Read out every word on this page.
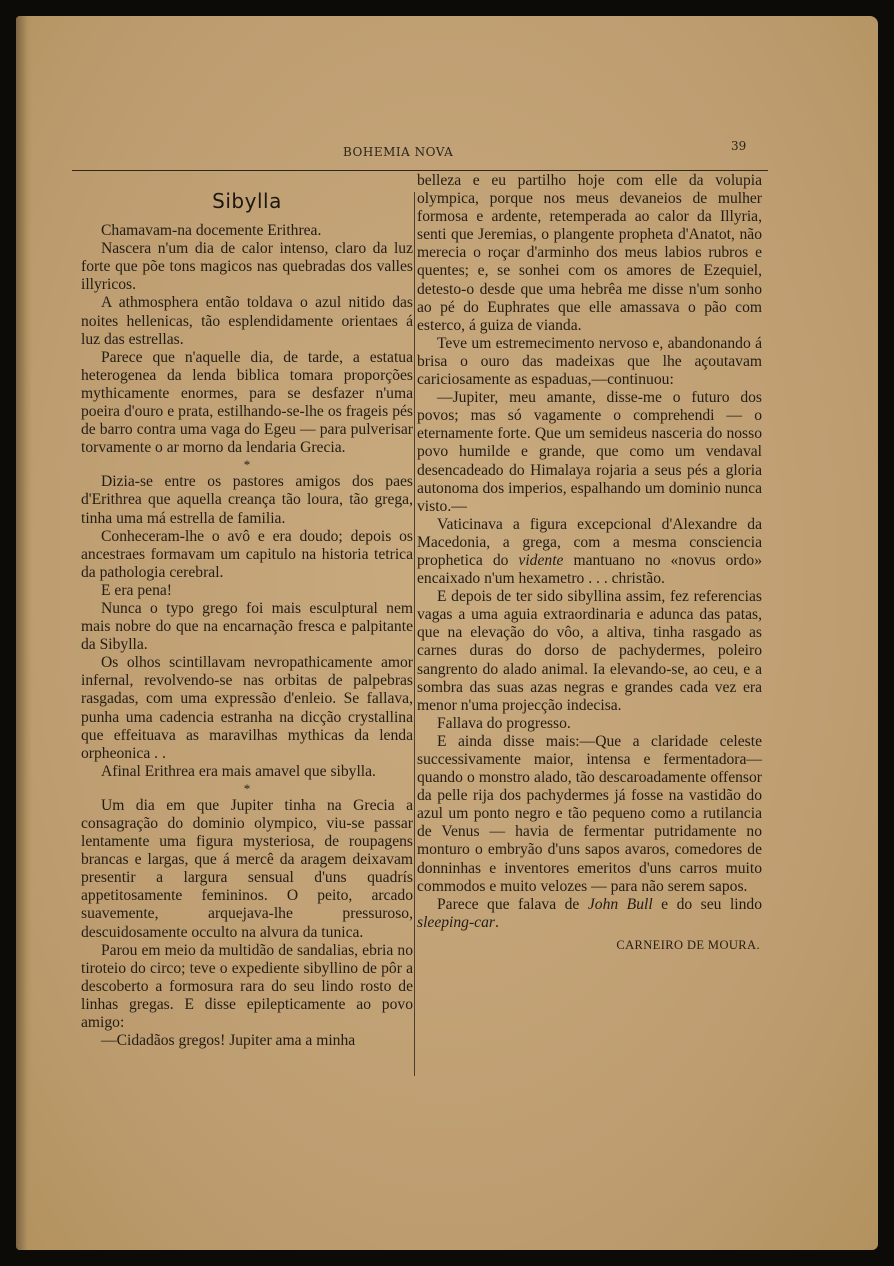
BOHEMIA NOVA	39
Sibylla

Chamavam-na docemente Erithrea.

Nascera n'um dia de calor intenso, claro da luz forte que põe tons magicos nas quebradas dos valles illyricos.

A athmosphera então toldava o azul nitido das noites hellenicas, tão esplendidamente orientaes á luz das estrellas.

Parece que n'aquelle dia, de tarde, a estatua heterogenea da lenda biblica tomara proporções mythicamente enormes, para se desfazer n'uma poeira d'ouro e prata, estilhando-se-lhe os frageis pés de barro contra uma vaga do Egeu — para pulverisar torvamente o ar morno da lendaria Grecia.

*

Dizia-se entre os pastores amigos dos paes d'Erithrea que aquella creança tão loura, tão grega, tinha uma má estrella de familia.

Conheceram-lhe o avô e era doudo; depois os ancestraes formavam um capitulo na historia tetrica da pathologia cerebral.

E era pena!

Nunca o typo grego foi mais esculptural nem mais nobre do que na encarnação fresca e palpitante da Sibylla.

Os olhos scintillavam nevropathicamente amor infernal, revolvendo-se nas orbitas de palpebras rasgadas, com uma expressão d'enleio. Se fallava, punha uma cadencia estranha na dicção crystallina que effeituava as maravilhas mythicas da lenda orpheonica . .

Afinal Erithrea era mais amavel que sibylla.

*

Um dia em que Jupiter tinha na Grecia a consagração do dominio olympico, viu-se passar lentamente uma figura mysteriosa, de roupagens brancas e largas, que á mercê da aragem deixavam presentir a largura sensual d'uns quadrís appetitosamente femininos. O peito, arcado suavemente, arquejava-lhe pressuroso, descuidosamente occulto na alvura da tunica.

Parou em meio da multidão de sandalias, ebria no tiroteio do circo; teve o expediente sibyllino de pôr a descoberto a formosura rara do seu lindo rosto de linhas gregas. E disse epilepticamente ao povo amigo:

—Cidadãos gregos! Jupiter ama a minha

belleza e eu partilho hoje com elle da volupia olympica, porque nos meus devaneios de mulher formosa e ardente, retemperada ao calor da Illyria, senti que Jeremias, o plangente propheta d'Anatot, não merecia o roçar d'arminho dos meus labios rubros e quentes; e, se sonhei com os amores de Ezequiel, detesto-o desde que uma hebrêa me disse n'um sonho ao pé do Euphrates que elle amassava o pão com esterco, á guiza de vianda.

Teve um estremecimento nervoso e, abandonando á brisa o ouro das madeixas que lhe açoutavam cariciosamente as espaduas,—continuou:

—Jupiter, meu amante, disse-me o futuro dos povos; mas só vagamente o comprehendi — o eternamente forte. Que um semideus nasceria do nosso povo humilde e grande, que como um vendaval desencadeado do Himalaya rojaria a seus pés a gloria autonoma dos imperios, espalhando um dominio nunca visto.—

Vaticinava a figura excepcional d'Alexandre da Macedonia, a grega, com a mesma consciencia prophetica do vidente mantuano no «novus ordo» encaixado n'um hexametro . . . christão.

E depois de ter sido sibyllina assim, fez referencias vagas a uma aguia extraordinaria e adunca das patas, que na elevação do vôo, a altiva, tinha rasgado as carnes duras do dorso de pachydermes, poleiro sangrento do alado animal. Ia elevando-se, ao ceu, e a sombra das suas azas negras e grandes cada vez era menor n'uma projecção indecisa.

Fallava do progresso.

E ainda disse mais:—Que a claridade celeste successivamente maior, intensa e fermentadora—quando o monstro alado, tão descaroadamente offensor da pelle rija dos pachydermes já fosse na vastidão do azul um ponto negro e tão pequeno como a rutilancia de Venus — havia de fermentar putridamente no monturo o embryão d'uns sapos avaros, comedores de donninhas e inventores emeritos d'uns carros muito commodos e muito velozes — para não serem sapos.

Parece que falava de John Bull e do seu lindo sleeping-car.

CARNEIRO DE MOURA.
